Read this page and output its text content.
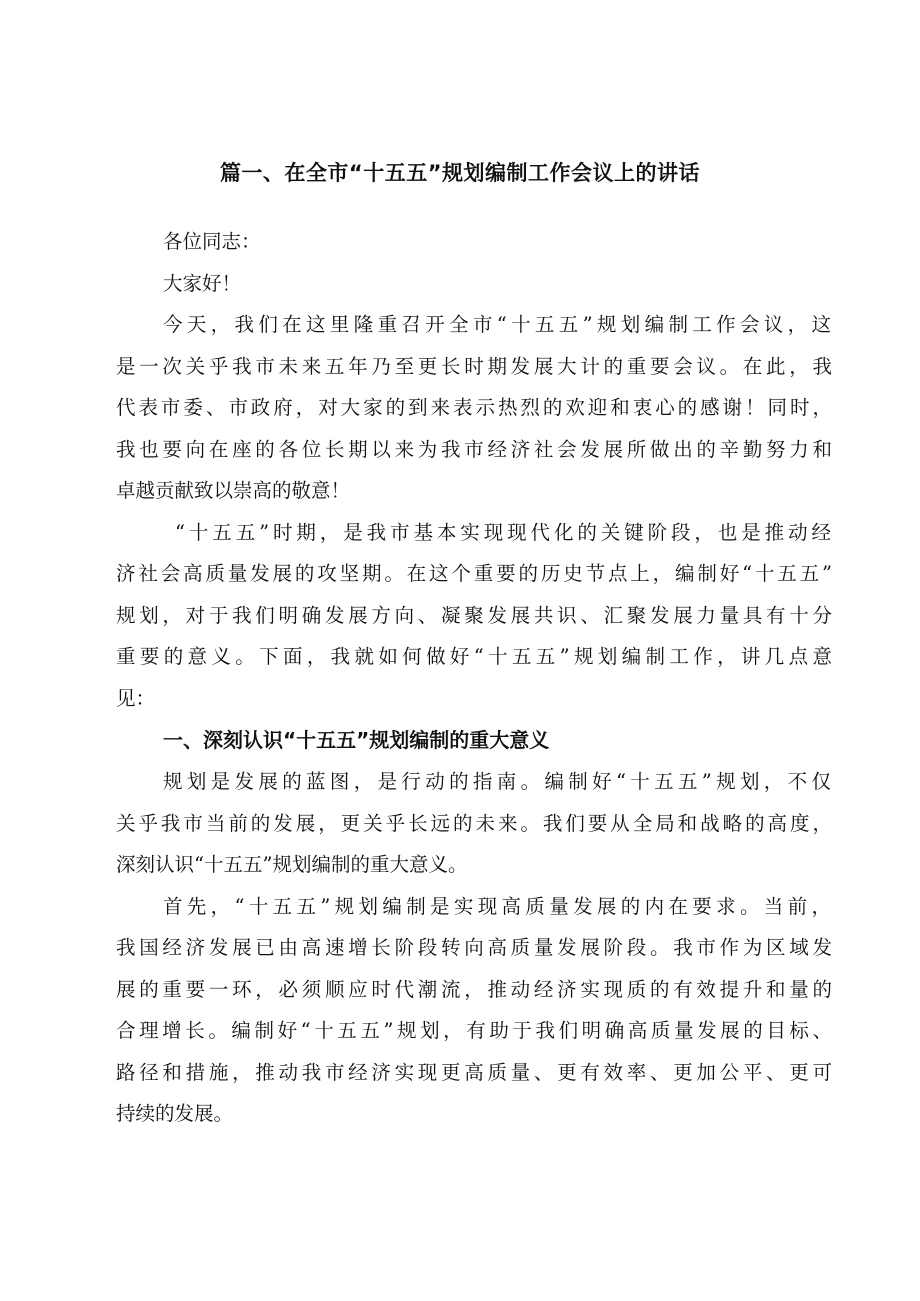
篇一、在全市“十五五”规划编制工作会议上的讲话
各位同志：
大家好！
今天，我们在这里隆重召开全市“十五五”规划编制工作会议，这
是一次关乎我市未来五年乃至更长时期发展大计的重要会议。在此，我
代表市委、市政府，对大家的到来表示热烈的欢迎和衷心的感谢！同时，
我也要向在座的各位长期以来为我市经济社会发展所做出的辛勤努力和
卓越贡献致以崇高的敬意！
“十五五”时期，是我市基本实现现代化的关键阶段，也是推动经
济社会高质量发展的攻坚期。在这个重要的历史节点上，编制好“十五五”
规划，对于我们明确发展方向、凝聚发展共识、汇聚发展力量具有十分
重要的意义。下面，我就如何做好“十五五”规划编制工作，讲几点意
见：
一、深刻认识“十五五”规划编制的重大意义
规划是发展的蓝图，是行动的指南。编制好“十五五”规划，不仅
关乎我市当前的发展，更关乎长远的未来。我们要从全局和战略的高度，
深刻认识“十五五”规划编制的重大意义。
首先，“十五五”规划编制是实现高质量发展的内在要求。当前，
我国经济发展已由高速增长阶段转向高质量发展阶段。我市作为区域发
展的重要一环，必须顺应时代潮流，推动经济实现质的有效提升和量的
合理增长。编制好“十五五”规划，有助于我们明确高质量发展的目标、
路径和措施，推动我市经济实现更高质量、更有效率、更加公平、更可
持续的发展。
